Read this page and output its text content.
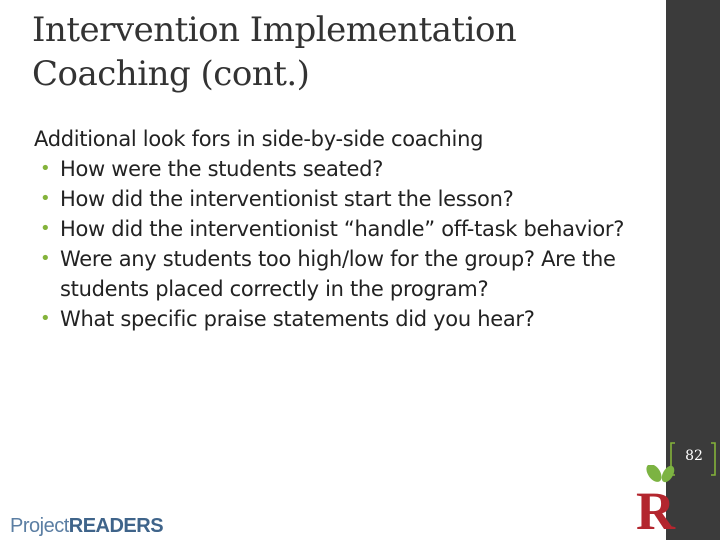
Intervention Implementation
Coaching (cont.)
Additional look fors in side-by-side coaching
• How were the students seated?
• How did the interventionist start the lesson?
• How did the interventionist “handle” off-task behavior?
• Were any students too high/low for the group? Are the students placed correctly in the program?
• What specific praise statements did you hear?
82
R
ProjectREADERS
